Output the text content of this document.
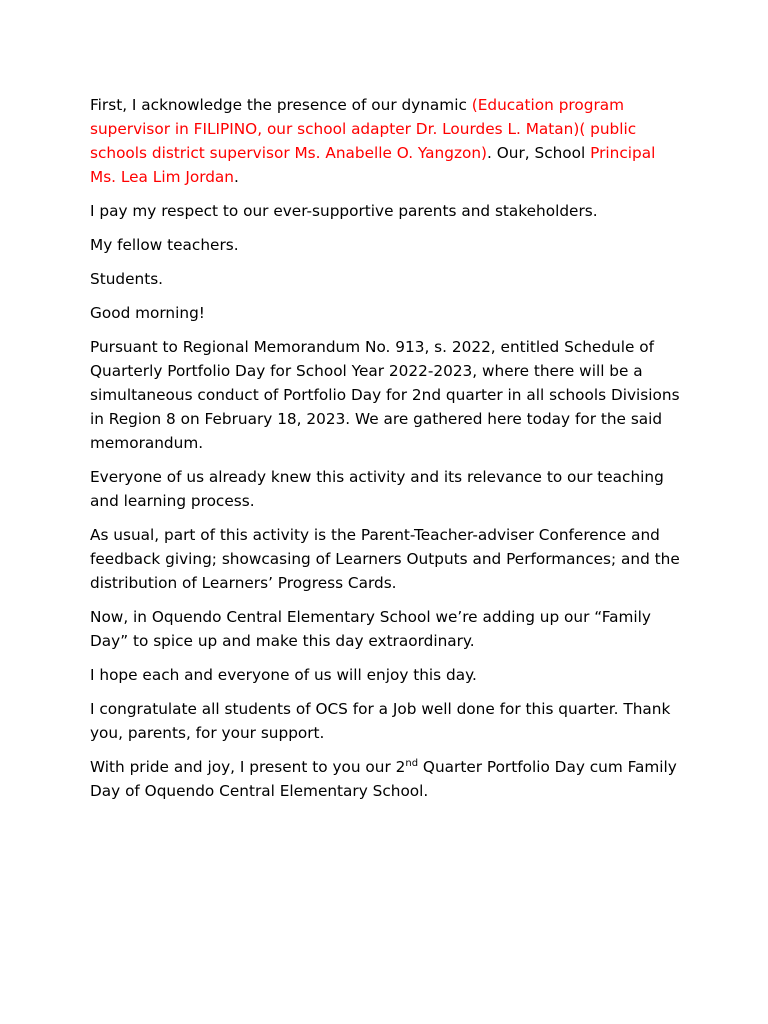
First, I acknowledge the presence of our dynamic (Education program supervisor in FILIPINO, our school adapter Dr. Lourdes L. Matan)( public schools district supervisor Ms. Anabelle O. Yangzon). Our, School Principal Ms. Lea Lim Jordan.

I pay my respect to our ever-supportive parents and stakeholders.

My fellow teachers.

Students.

Good morning!

Pursuant to Regional Memorandum No. 913, s. 2022, entitled Schedule of Quarterly Portfolio Day for School Year 2022-2023, where there will be a simultaneous conduct of Portfolio Day for 2nd quarter in all schools Divisions in Region 8 on February 18, 2023. We are gathered here today for the said memorandum.

Everyone of us already knew this activity and its relevance to our teaching and learning process.

As usual, part of this activity is the Parent-Teacher-adviser Conference and feedback giving; showcasing of Learners Outputs and Performances; and the distribution of Learners’ Progress Cards.

Now, in Oquendo Central Elementary School we’re adding up our “Family Day” to spice up and make this day extraordinary.

I hope each and everyone of us will enjoy this day.

I congratulate all students of OCS for a Job well done for this quarter. Thank you, parents, for your support.

With pride and joy, I present to you our 2nd Quarter Portfolio Day cum Family Day of Oquendo Central Elementary School.
